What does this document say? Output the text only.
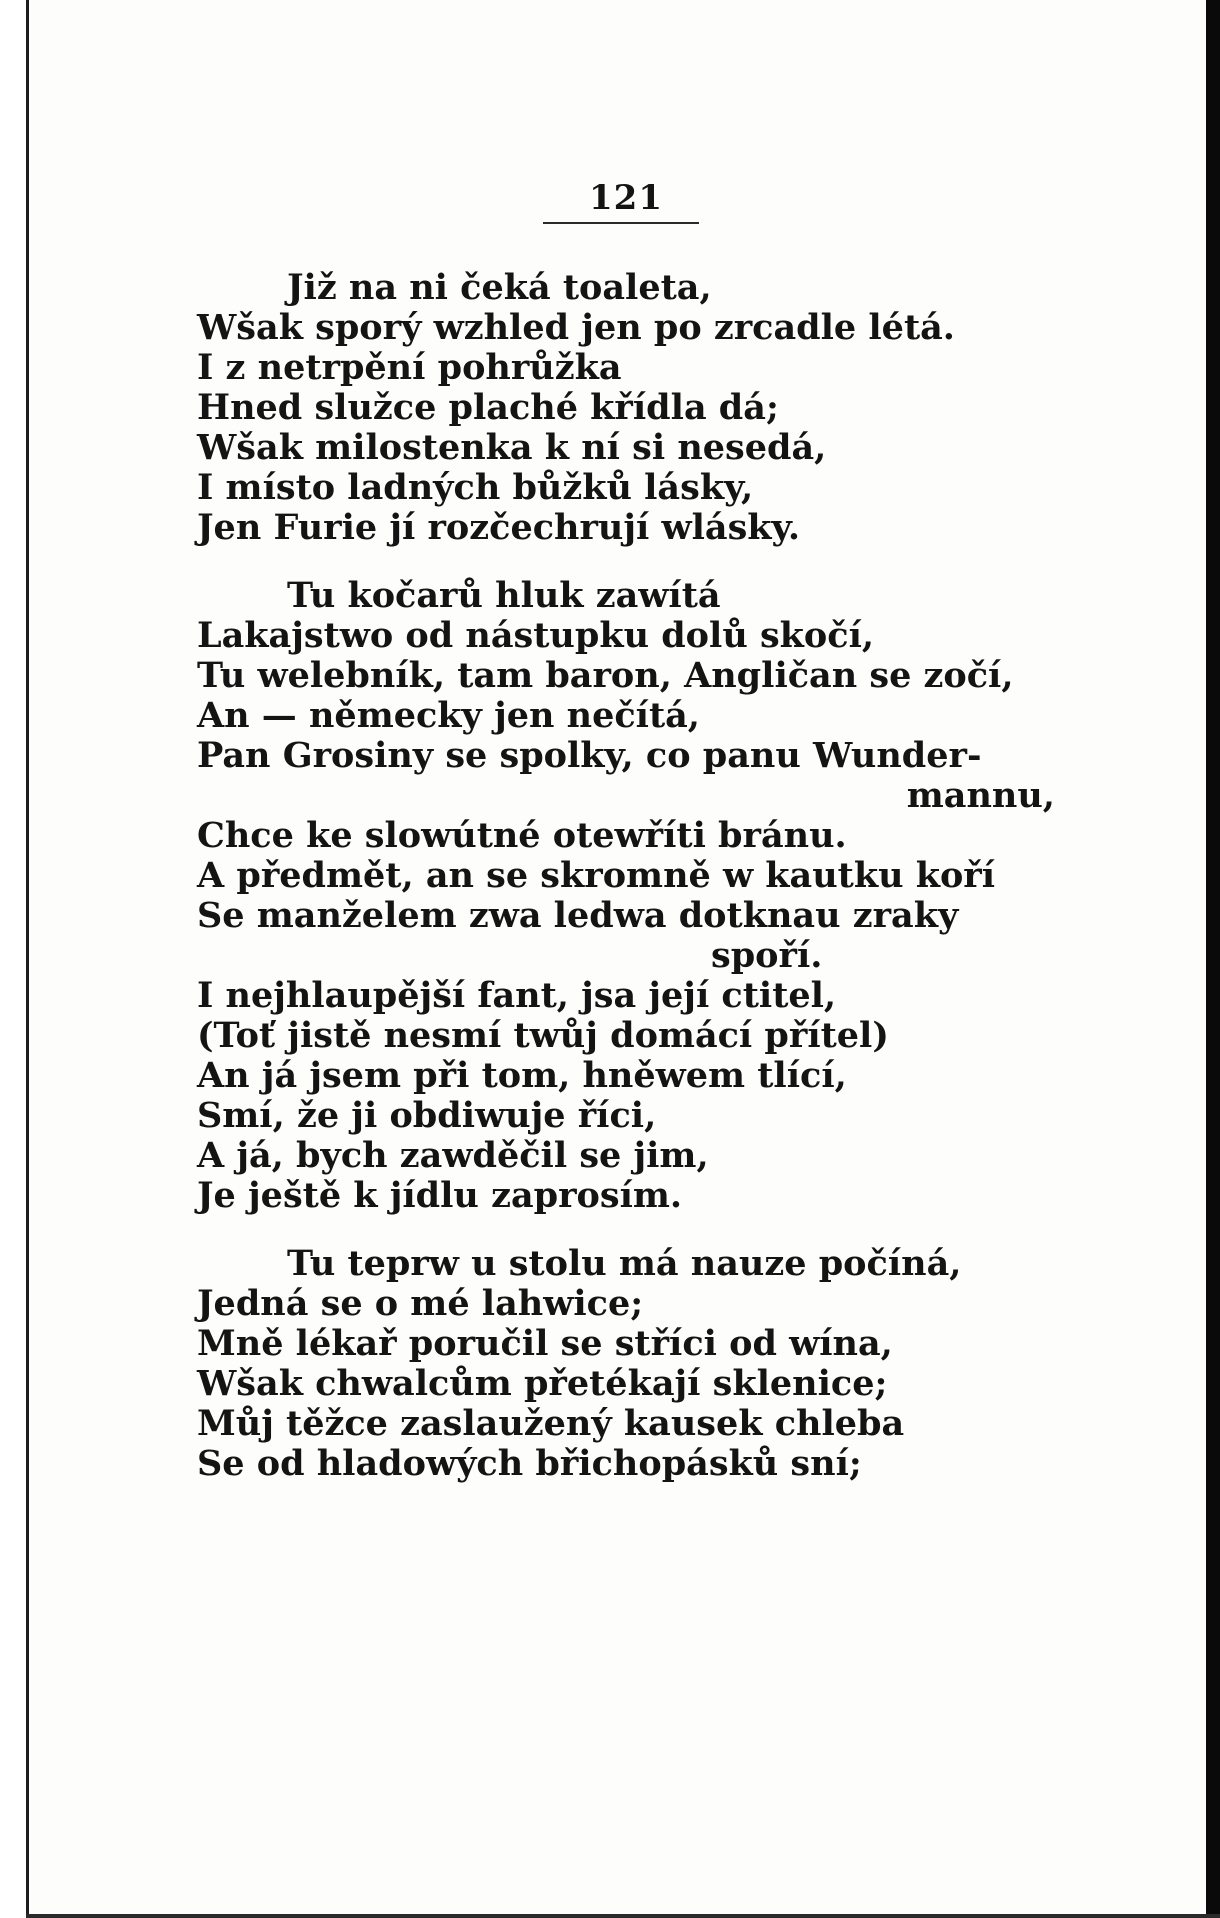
121
Již na ni čeká toaleta,
Wšak sporý wzhled jen po zrcadle létá.
I z netrpění pohrůžka
Hned služce plaché křídla dá;
Wšak milostenka k ní si nesedá,
I místo ladných bůžků lásky,
Jen Furie jí rozčechrují wlásky.
Tu kočarů hluk zawítá
Lakajstwo od nástupku dolů skočí,
Tu welebník, tam baron, Angličan se zočí,
An — německy jen nečítá,
Pan Grosiny se spolky, co panu Wunder-
mannu,
Chce ke slowútné otewříti bránu.
A předmět, an se skromně w kautku koří
Se manželem zwa ledwa dotknau zraky
spoří.
I nejhlaupější fant, jsa její ctitel,
(Toť jistě nesmí twůj domácí přítel)
An já jsem při tom, hněwem tlící,
Smí, že ji obdiwuje říci,
A já, bych zawděčil se jim,
Je ještě k jídlu zaprosím.
Tu teprw u stolu má nauze počíná,
Jedná se o mé lahwice;
Mně lékař poručil se stříci od wína,
Wšak chwalcům přetékají sklenice;
Můj těžce zaslaužený kausek chleba
Se od hladowých břichopásků sní;
